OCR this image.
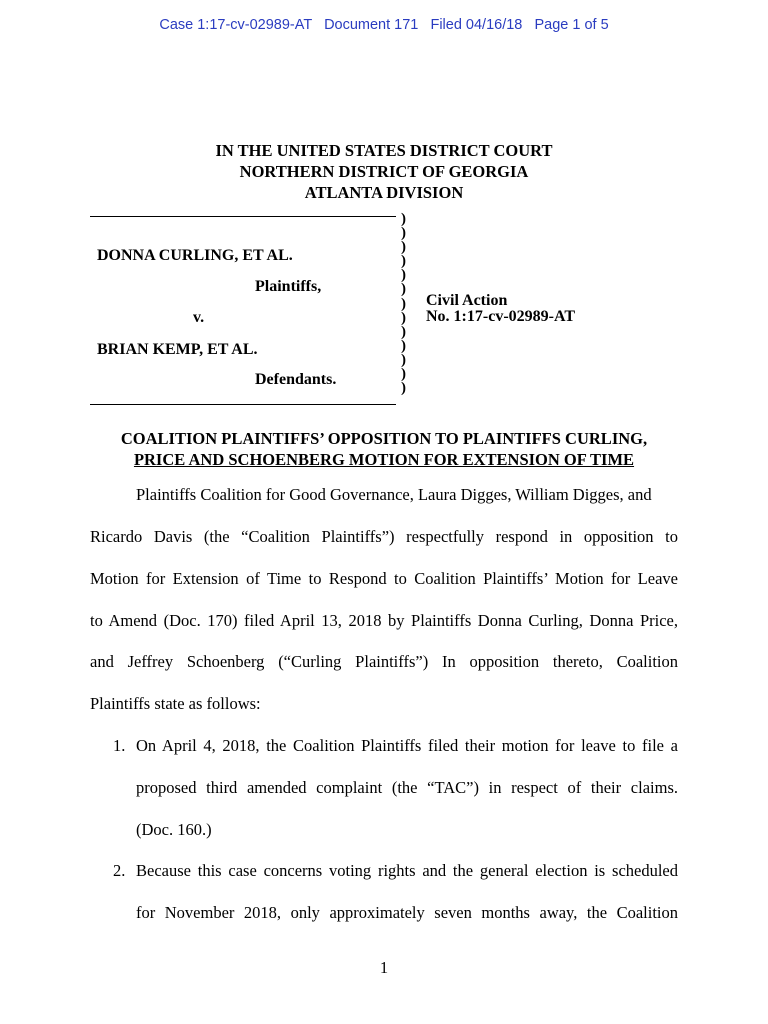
Case 1:17-cv-02989-AT Document 171 Filed 04/16/18 Page 1 of 5
IN THE UNITED STATES DISTRICT COURT
NORTHERN DISTRICT OF GEORGIA
ATLANTA DIVISION
)
)
)
)
)
)
)
)
)
)
)
)
)
DONNA CURLING, ET AL.
Plaintiffs,
v.
BRIAN KEMP, ET AL.
Defendants.
Civil Action
No. 1:17-cv-02989-AT
COALITION PLAINTIFFS’ OPPOSITION TO PLAINTIFFS CURLING,
PRICE AND SCHOENBERG MOTION FOR EXTENSION OF TIME
Plaintiffs Coalition for Good Governance, Laura Digges, William Digges, and
Ricardo Davis (the “Coalition Plaintiffs”) respectfully respond in opposition to
Motion for Extension of Time to Respond to Coalition Plaintiffs’ Motion for Leave
to Amend (Doc. 170) filed April 13, 2018 by Plaintiffs Donna Curling, Donna Price,
and Jeffrey Schoenberg (“Curling Plaintiffs”) In opposition thereto, Coalition
Plaintiffs state as follows:
1. On April 4, 2018, the Coalition Plaintiffs filed their motion for leave to file a
proposed third amended complaint (the “TAC”) in respect of their claims.
(Doc. 160.)
2. Because this case concerns voting rights and the general election is scheduled
for November 2018, only approximately seven months away, the Coalition
1
